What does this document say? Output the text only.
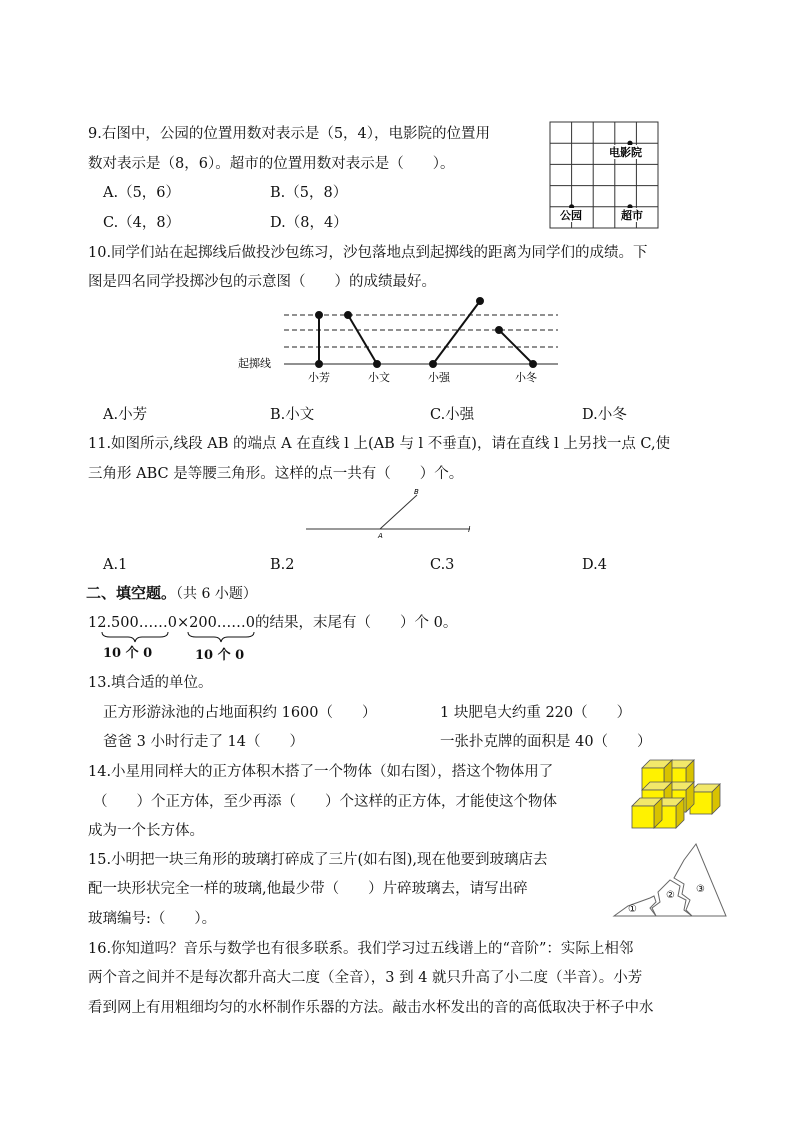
9.右图中，公园的位置用数对表示是（5，4），电影院的位置用
数对表示是（8，6）。超市的位置用数对表示是（　　）。
A.（5，6）	B.（5，8）
C.（4，8）	D.（8，4）
电影院
公园	超市
10.同学们站在起掷线后做投沙包练习，沙包落地点到起掷线的距离为同学们的成绩。下
图是四名同学投掷沙包的示意图（　　）的成绩最好。
起掷线
小芳	小文	小强	小冬
A.小芳	B.小文	C.小强	D.小冬
11.如图所示,线段 AB 的端点 A 在直线 l 上(AB 与 l 不垂直)，请在直线 l 上另找一点 C,使
三角形 ABC 是等腰三角形。这样的点一共有（　　）个。
B
A
l
A.1	B.2	C.3	D.4
二、填空题。（共 6 小题）
12.500……0×200……0的结果，末尾有（　　）个 0。
10 个 0	10 个 0
13.填合适的单位。
正方形游泳池的占地面积约 1600（　　）	1 块肥皂大约重 220（　　）
爸爸 3 小时行走了 14（　　）	一张扑克牌的面积是 40（　　）
14.小星用同样大的正方体积木搭了一个物体（如右图），搭这个物体用了
（　　）个正方体，至少再添（　　）个这样的正方体，才能使这个物体
成为一个长方体。
15.小明把一块三角形的玻璃打碎成了三片(如右图),现在他要到玻璃店去
配一块形状完全一样的玻璃,他最少带（　　）片碎玻璃去，请写出碎
玻璃编号:（　　）。
①
②
③
16.你知道吗？音乐与数学也有很多联系。我们学习过五线谱上的“音阶”：实际上相邻
两个音之间并不是每次都升高大二度（全音），3 到 4 就只升高了小二度（半音）。小芳
看到网上有用粗细均匀的水杯制作乐器的方法。敲击水杯发出的音的高低取决于杯子中水
